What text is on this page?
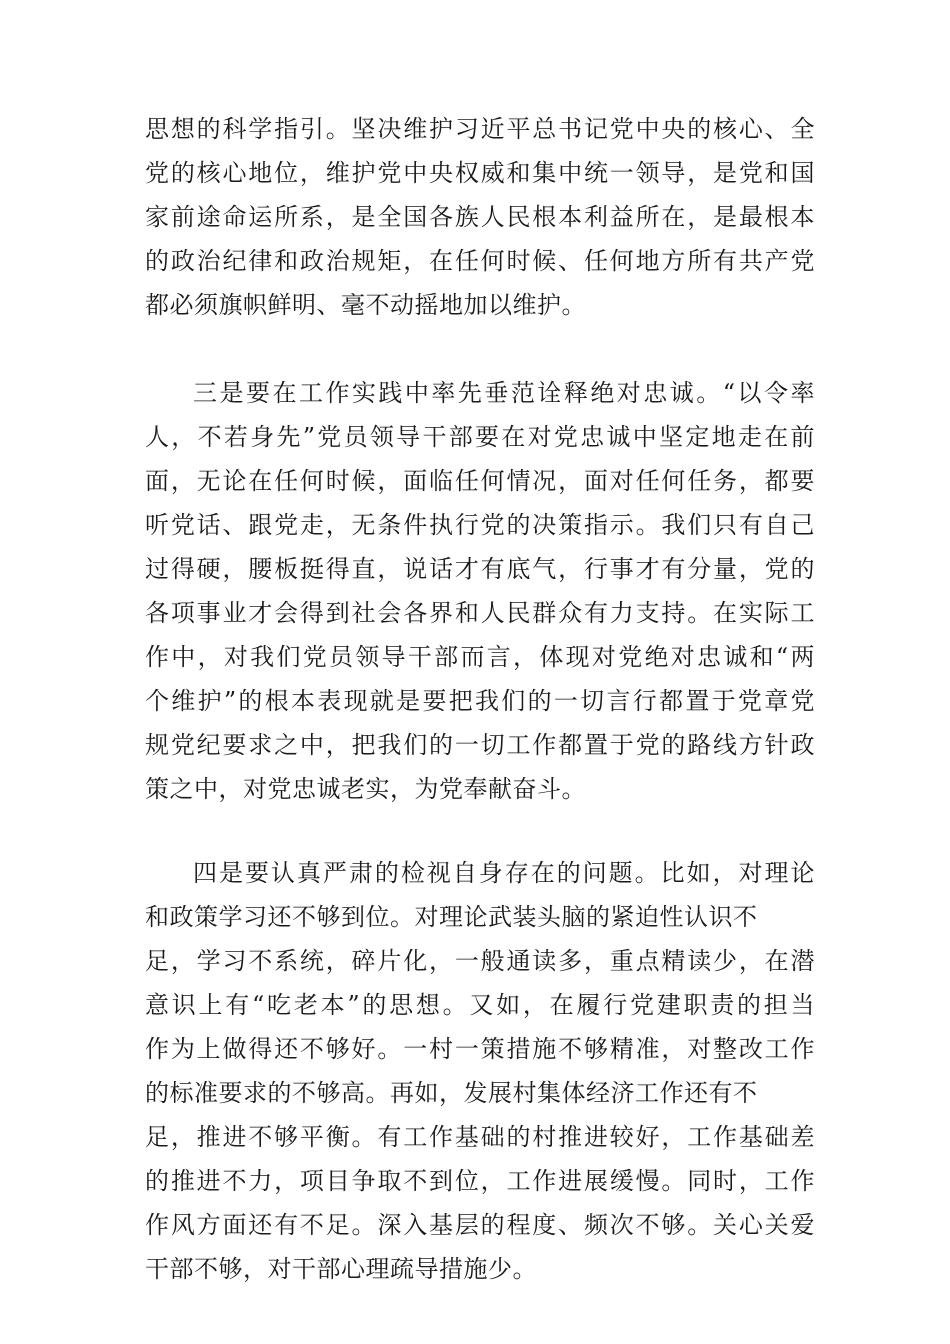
思想的科学指引。坚决维护习近平总书记党中央的核心、全
党的核心地位，维护党中央权威和集中统一领导，是党和国
家前途命运所系，是全国各族人民根本利益所在，是最根本
的政治纪律和政治规矩，在任何时候、任何地方所有共产党
都必须旗帜鲜明、毫不动摇地加以维护。
三是要在工作实践中率先垂范诠释绝对忠诚。“以令率
人，不若身先”党员领导干部要在对党忠诚中坚定地走在前
面，无论在任何时候，面临任何情况，面对任何任务，都要
听党话、跟党走，无条件执行党的决策指示。我们只有自己
过得硬，腰板挺得直，说话才有底气，行事才有分量，党的
各项事业才会得到社会各界和人民群众有力支持。在实际工
作中，对我们党员领导干部而言，体现对党绝对忠诚和“两
个维护”的根本表现就是要把我们的一切言行都置于党章党
规党纪要求之中，把我们的一切工作都置于党的路线方针政
策之中，对党忠诚老实，为党奉献奋斗。
四是要认真严肃的检视自身存在的问题。比如，对理论
和政策学习还不够到位。对理论武装头脑的紧迫性认识不
足，学习不系统，碎片化，一般通读多，重点精读少，在潜
意识上有“吃老本”的思想。又如，在履行党建职责的担当
作为上做得还不够好。一村一策措施不够精准，对整改工作
的标准要求的不够高。再如，发展村集体经济工作还有不
足，推进不够平衡。有工作基础的村推进较好，工作基础差
的推进不力，项目争取不到位，工作进展缓慢。同时，工作
作风方面还有不足。深入基层的程度、频次不够。关心关爱
干部不够，对干部心理疏导措施少。
